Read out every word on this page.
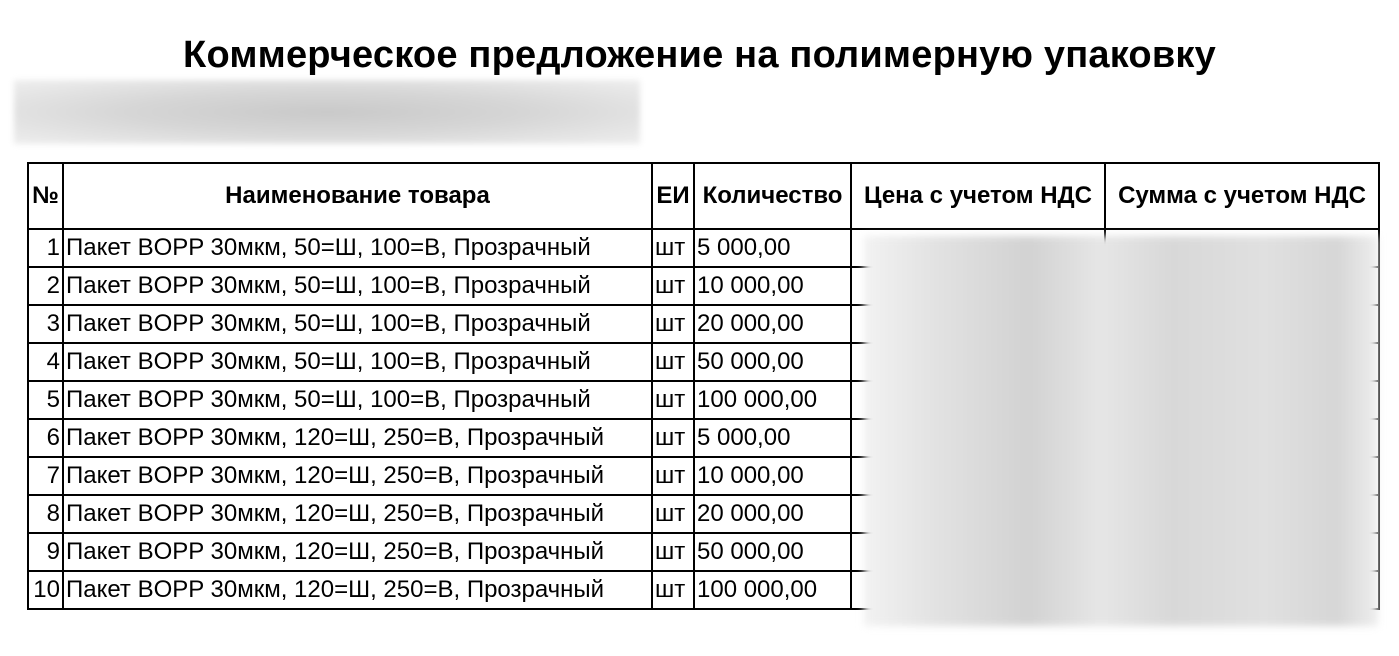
Коммерческое предложение на полимерную упаковку
№	Наименование товара	ЕИ	Количество	Цена с учетом НДС	Сумма с учетом НДС
1	Пакет BOPP 30мкм, 50=Ш, 100=В, Прозрачный	шт	5 000,00		
2	Пакет BOPP 30мкм, 50=Ш, 100=В, Прозрачный	шт	10 000,00		
3	Пакет BOPP 30мкм, 50=Ш, 100=В, Прозрачный	шт	20 000,00		
4	Пакет BOPP 30мкм, 50=Ш, 100=В, Прозрачный	шт	50 000,00		
5	Пакет BOPP 30мкм, 50=Ш, 100=В, Прозрачный	шт	100 000,00		
6	Пакет BOPP 30мкм, 120=Ш, 250=В, Прозрачный	шт	5 000,00		
7	Пакет BOPP 30мкм, 120=Ш, 250=В, Прозрачный	шт	10 000,00		
8	Пакет BOPP 30мкм, 120=Ш, 250=В, Прозрачный	шт	20 000,00		
9	Пакет BOPP 30мкм, 120=Ш, 250=В, Прозрачный	шт	50 000,00		
10	Пакет BOPP 30мкм, 120=Ш, 250=В, Прозрачный	шт	100 000,00		
